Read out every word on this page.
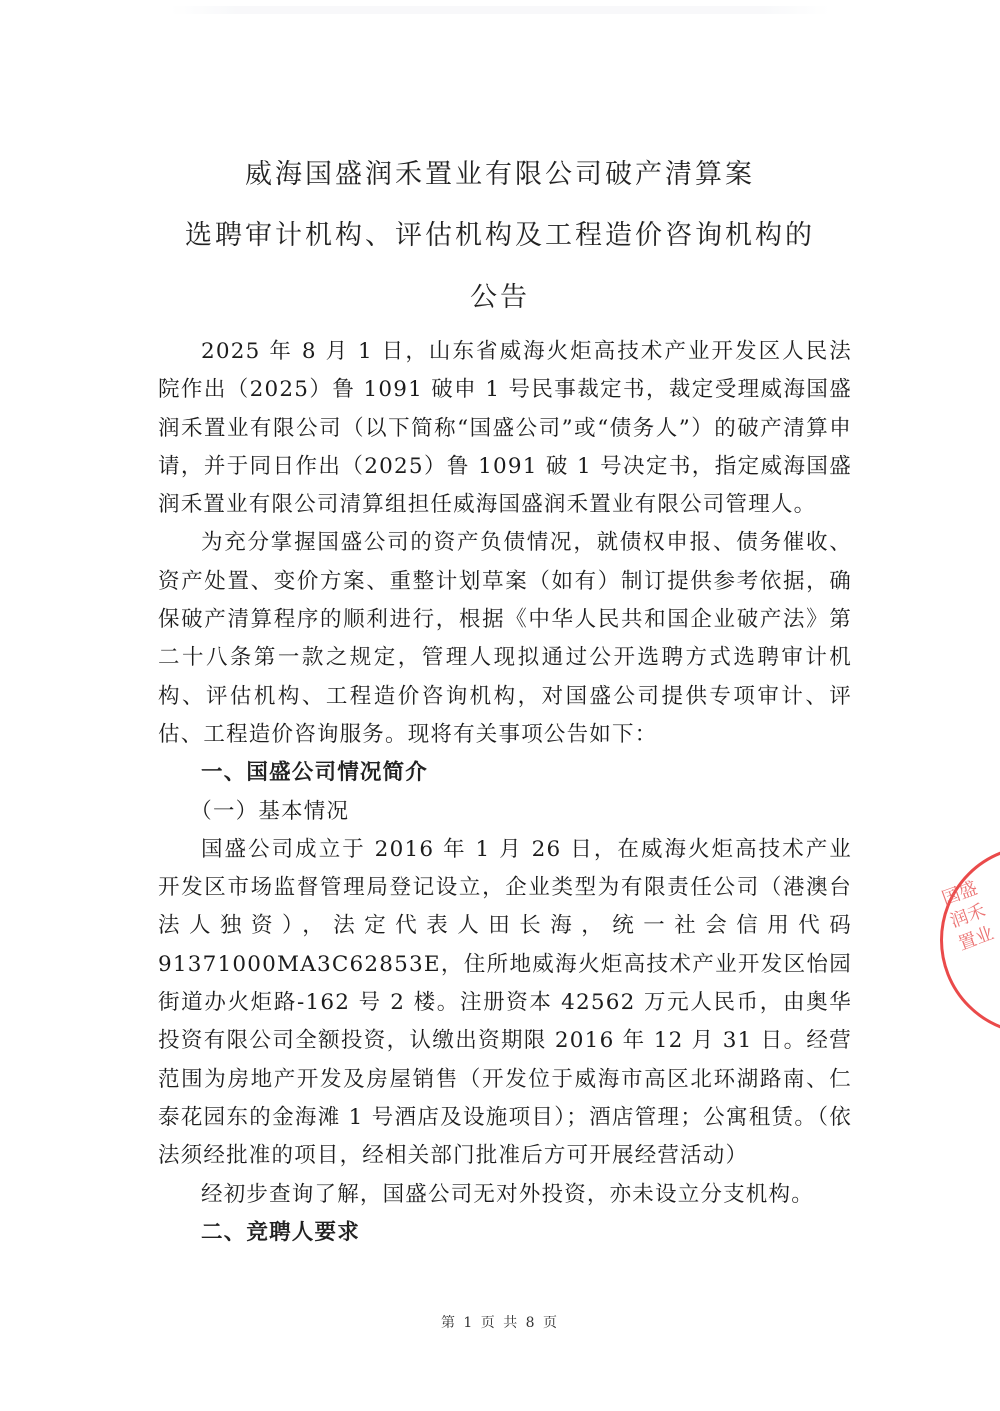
威海国盛润禾置业有限公司破产清算案
选聘审计机构、评估机构及工程造价咨询机构的
公告

2025 年 8 月 1 日，山东省威海火炬高技术产业开发区人民法院作出（2025）鲁 1091 破申 1 号民事裁定书，裁定受理威海国盛润禾置业有限公司（以下简称“国盛公司”或“债务人”）的破产清算申请，并于同日作出（2025）鲁 1091 破 1 号决定书，指定威海国盛润禾置业有限公司清算组担任威海国盛润禾置业有限公司管理人。

为充分掌握国盛公司的资产负债情况，就债权申报、债务催收、资产处置、变价方案、重整计划草案（如有）制订提供参考依据，确保破产清算程序的顺利进行，根据《中华人民共和国企业破产法》第二十八条第一款之规定，管理人现拟通过公开选聘方式选聘审计机构、评估机构、工程造价咨询机构，对国盛公司提供专项审计、评估、工程造价咨询服务。现将有关事项公告如下：

一、国盛公司情况简介

（一）基本情况

国盛公司成立于 2016 年 1 月 26 日，在威海火炬高技术产业开发区市场监督管理局登记设立，企业类型为有限责任公司（港澳台法人独资），法定代表人田长海，统一社会信用代码 91371000MA3C62853E，住所地威海火炬高技术产业开发区怡园街道办火炬路-162 号 2 楼。注册资本 42562 万元人民币，由奥华投资有限公司全额投资，认缴出资期限 2016 年 12 月 31 日。经营范围为房地产开发及房屋销售（开发位于威海市高区北环湖路南、仁泰花园东的金海滩 1 号酒店及设施项目）；酒店管理；公寓租赁。（依法须经批准的项目，经相关部门批准后方可开展经营活动）

经初步查询了解，国盛公司无对外投资，亦未设立分支机构。

二、竞聘人要求

第 1 页 共 8 页
国盛润禾置业
